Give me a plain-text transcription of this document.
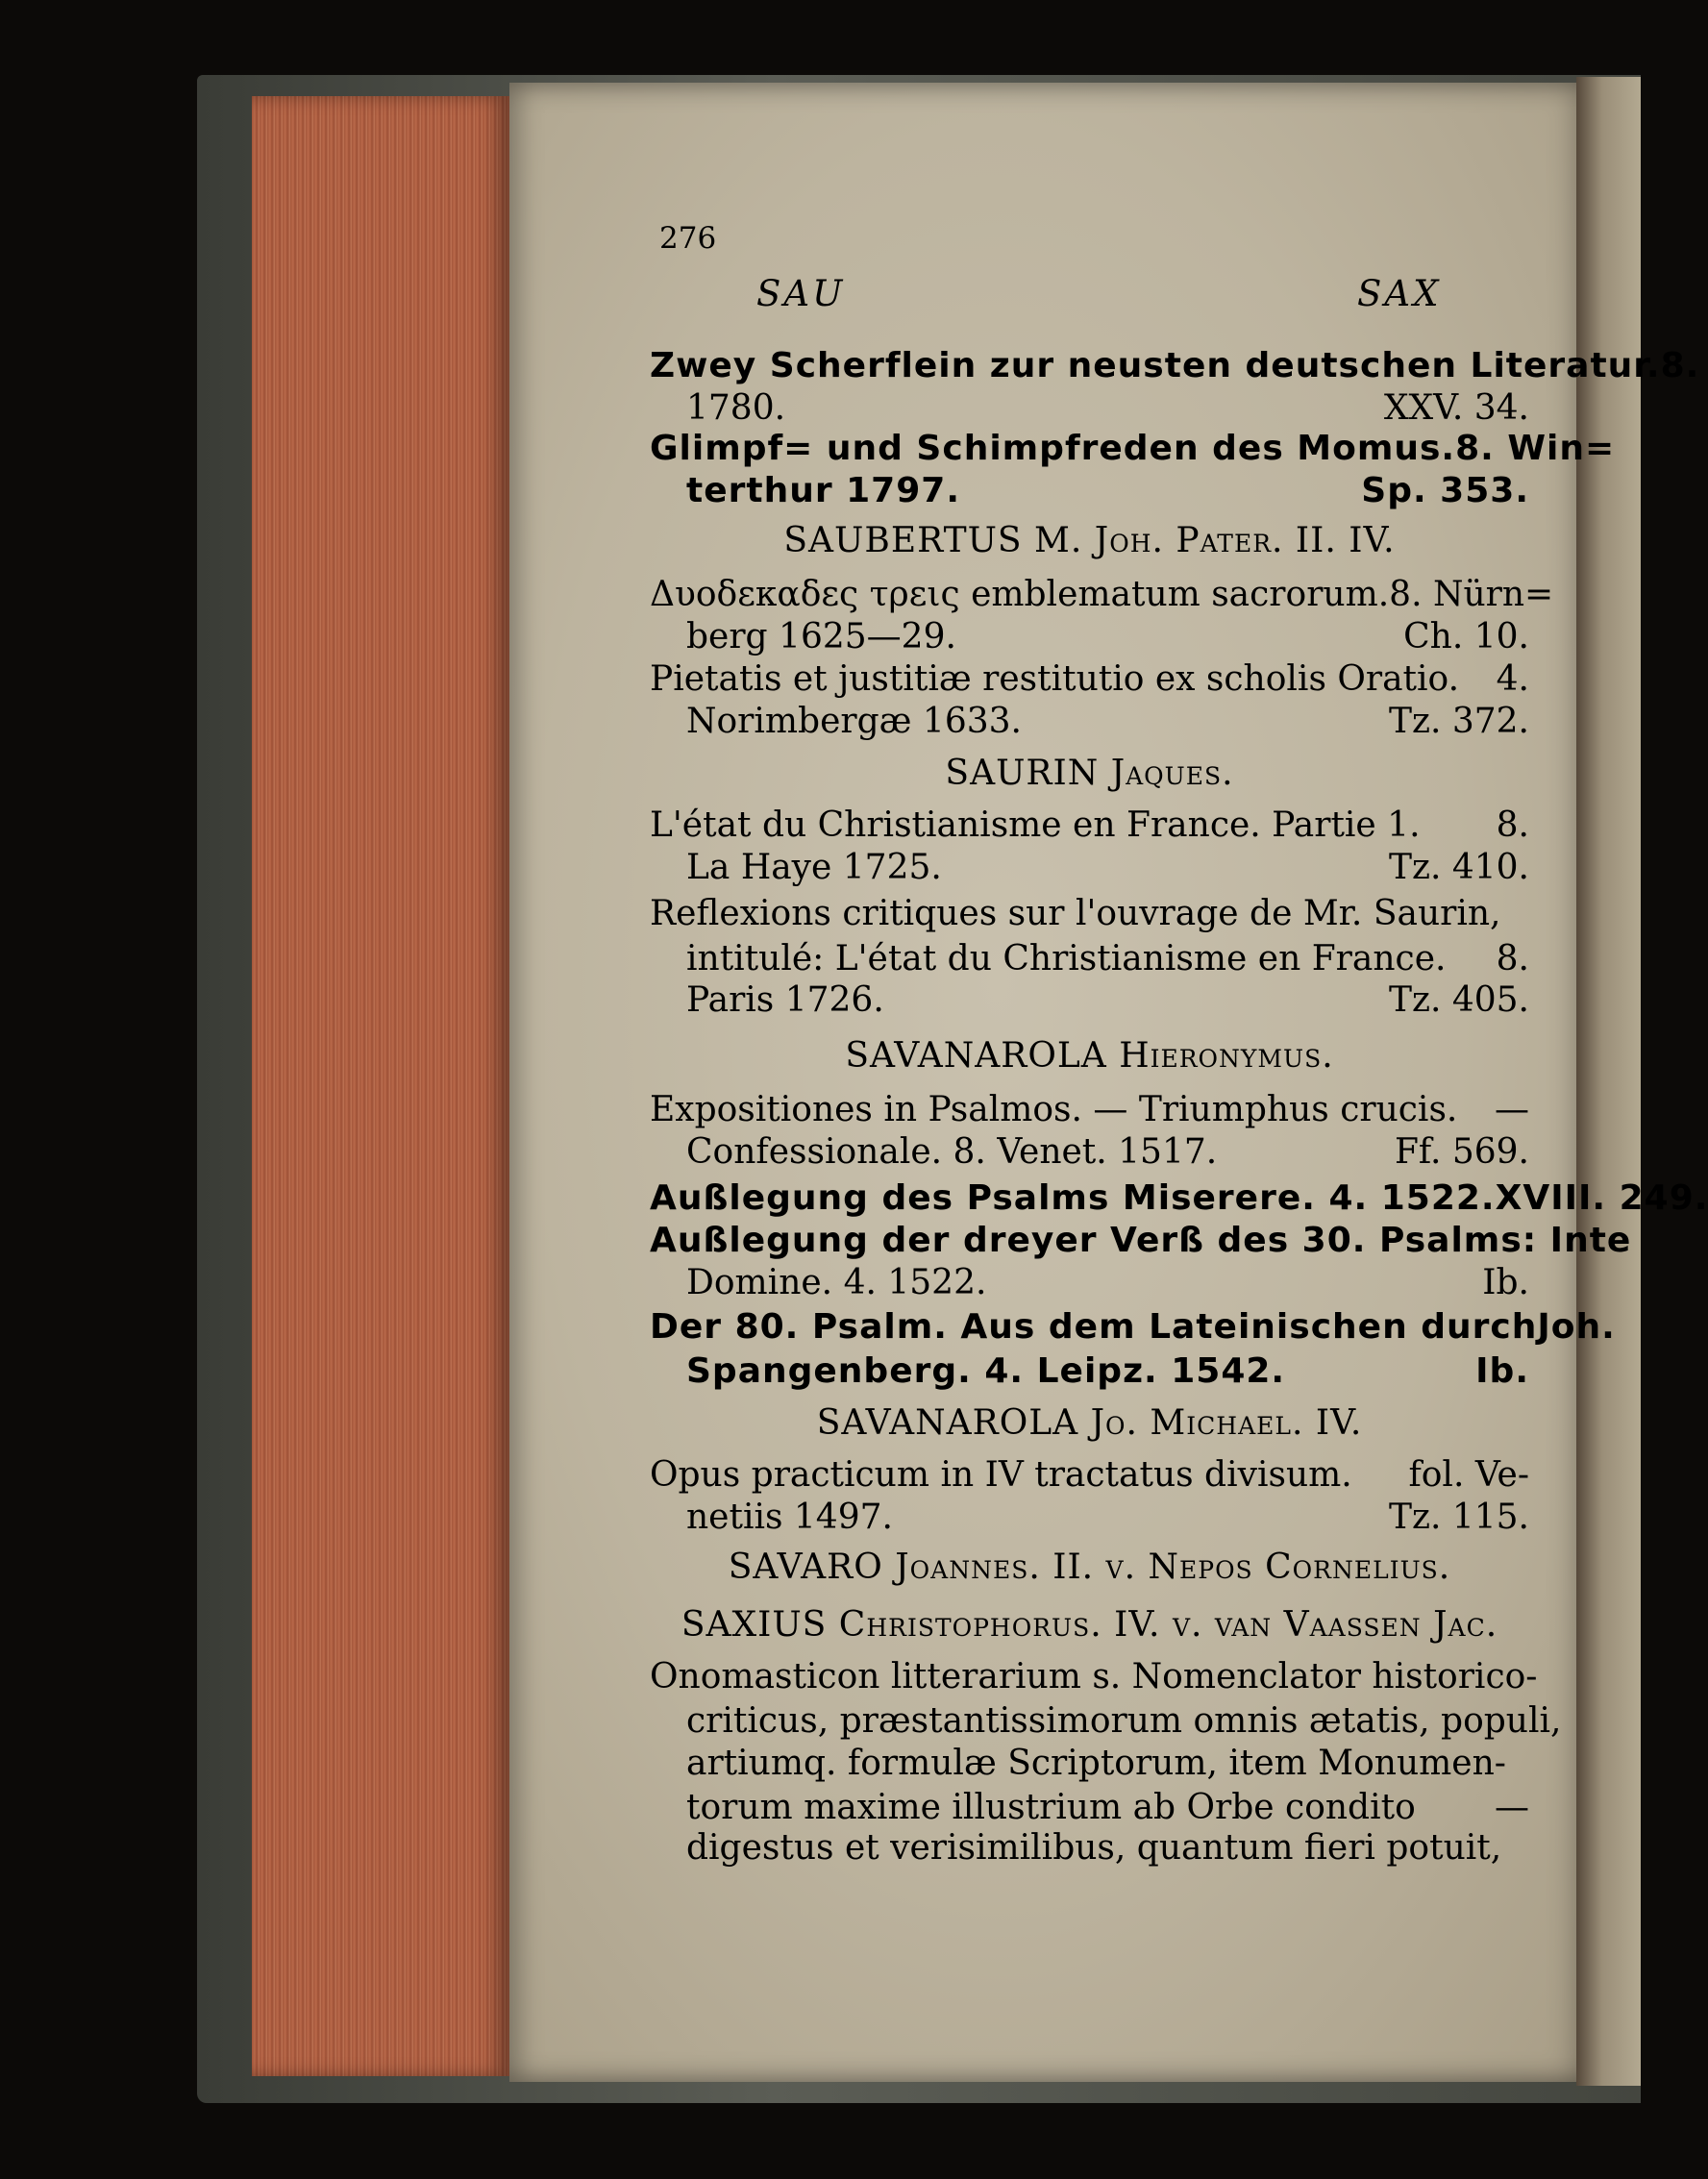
276
SAU	SAX
Zwey Scherflein zur neusten deutschen Literatur. 8.
1780.	XXV. 34.
Glimpf= und Schimpfreden des Momus. 8. Win=
terthur 1797.	Sp. 353.
SAUBERTUS M. Joh. Pater. II. IV.
Δυοδεκαδες τρεις emblematum sacrorum. 8. Nürn=
berg 1625—29.	Ch. 10.
Pietatis et justitiæ restitutio ex scholis Oratio. 4.
Norimbergæ 1633.	Tz. 372.
SAURIN Jaques.
L'état du Christianisme en France. Partie 1. 8.
La Haye 1725.	Tz. 410.
Reflexions critiques sur l'ouvrage de Mr. Saurin,
intitulé: L'état du Christianisme en France. 8.
Paris 1726.	Tz. 405.
SAVANAROLA Hieronymus.
Expositiones in Psalmos. — Triumphus crucis. —
Confessionale. 8. Venet. 1517.	Ff. 569.
Außlegung des Psalms Miserere. 4. 1522. XVIII. 249.
Außlegung der dreyer Verß des 30. Psalms: In te
Domine. 4. 1522.	Ib.
Der 80. Psalm. Aus dem Lateinischen durch Joh.
Spangenberg. 4. Leipz. 1542.	Ib.
SAVANAROLA Jo. Michael. IV.
Opus practicum in IV tractatus divisum. fol. Ve-
netiis 1497.	Tz. 115.
SAVARO Joannes. II. v. Nepos Cornelius.
SAXIUS Christophorus. IV. v. van Vaassen Jac.
Onomasticon litterarium s. Nomenclator historico-
criticus, præstantissimorum omnis ætatis, populi,
artiumq. formulæ Scriptorum, item Monumen-
torum maxime illustrium ab Orbe condito —
digestus et verisimilibus, quantum fieri potuit,
